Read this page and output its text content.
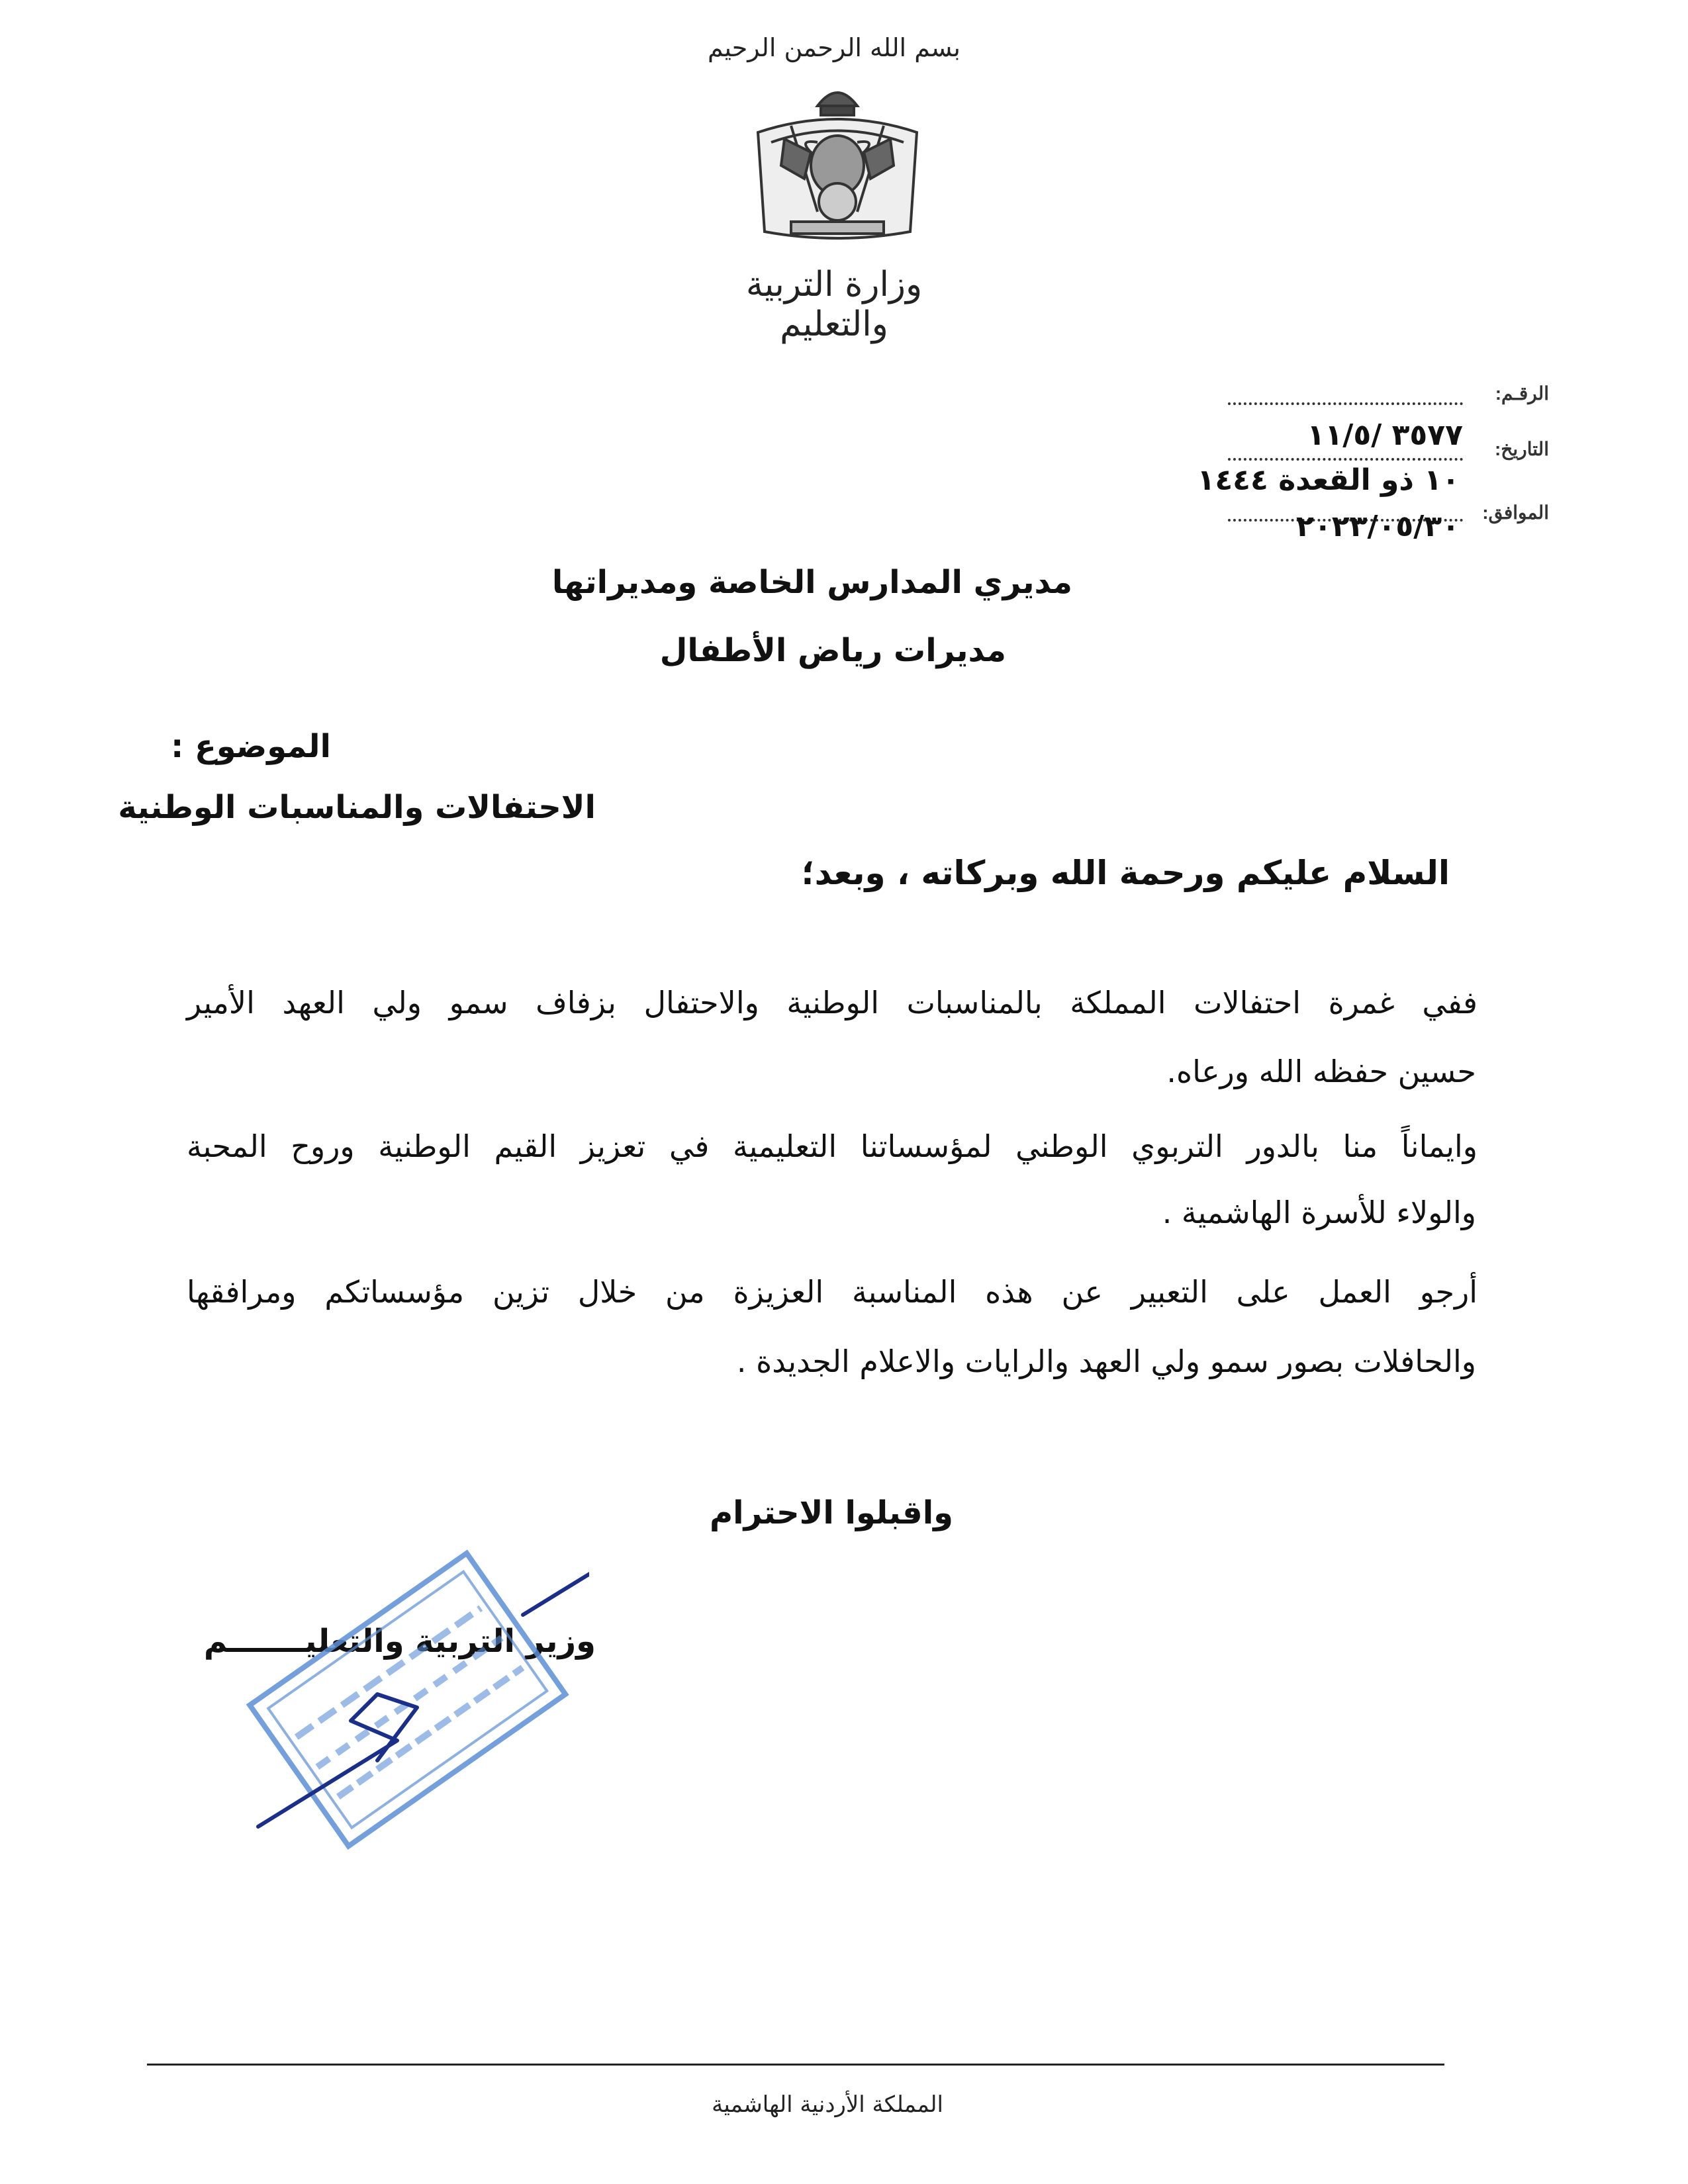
بسم الله الرحمن الرحيم
وزارة التربية والتعليم
الرقـم:
التاريخ:
٣٥٧٧ /١١/٥
١٠ ذو القعدة ١٤٤٤
الموافق:
٢٠٢٣/٠٥/٣٠
مديري المدارس الخاصة ومديراتها
مديرات رياض الأطفال
الموضوع :
الاحتفالات والمناسبات الوطنية
السلام عليكم ورحمة الله وبركاته ، وبعد؛
ففي غمرة احتفالات المملكة بالمناسبات الوطنية والاحتفال بزفاف سمو ولي العهد الأمير
حسين حفظه الله ورعاه.
وايماناً منا بالدور التربوي الوطني لمؤسساتنا التعليمية في تعزيز القيم الوطنية وروح المحبة
والولاء للأسرة الهاشمية .
أرجو العمل على التعبير عن هذه المناسبة العزيزة من خلال تزين مؤسساتكم ومرافقها
والحافلات بصور سمو ولي العهد والرايات والاعلام الجديدة .
واقبلوا الاحترام
وزير التربية والتعليـــــــم
المملكة الأردنية الهاشمية
